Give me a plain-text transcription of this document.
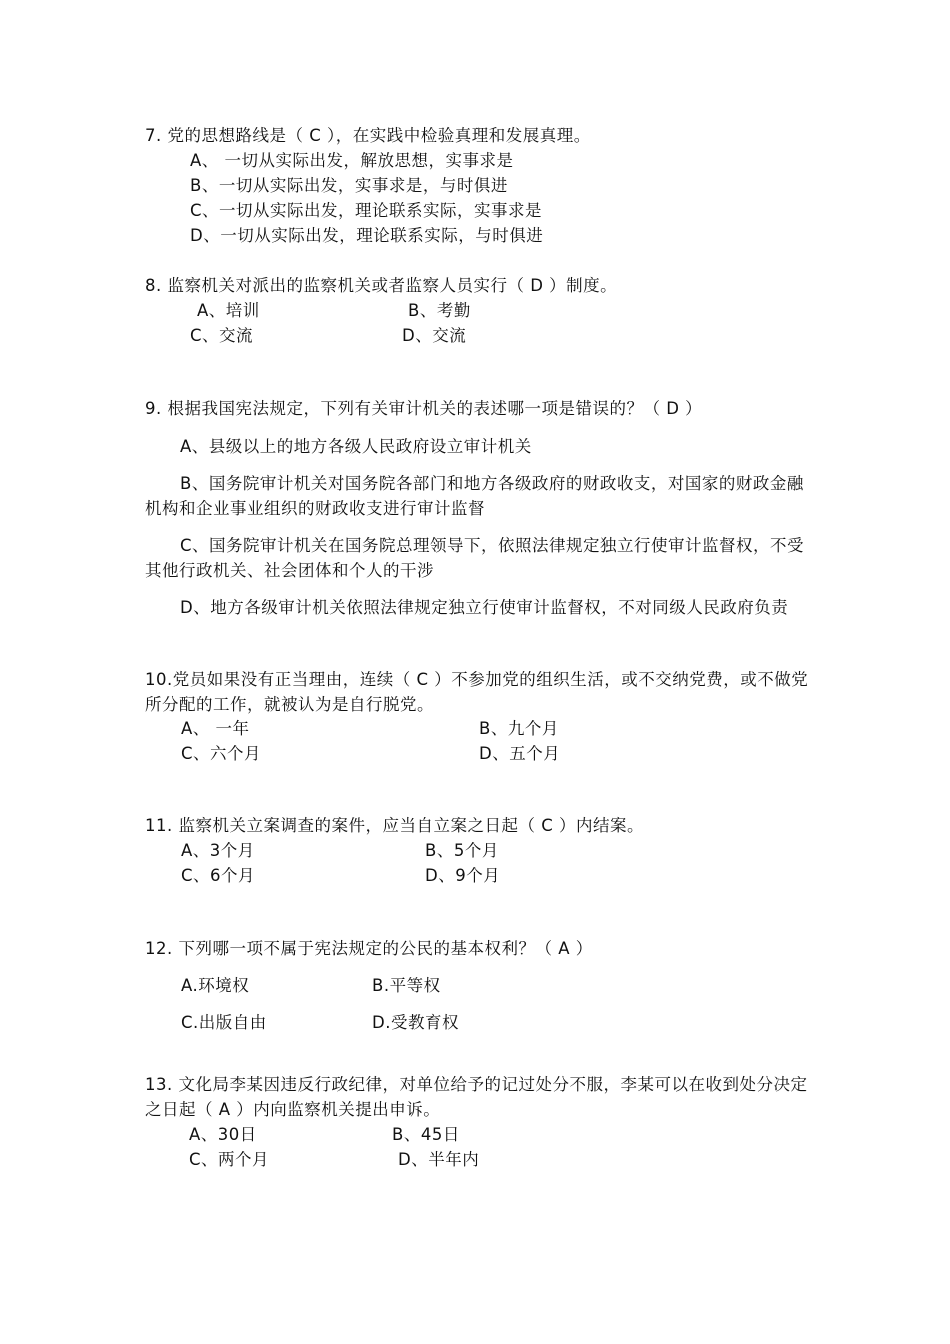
7. 党的思想路线是（ C ），在实践中检验真理和发展真理。
A、 一切从实际出发，解放思想，实事求是
B、一切从实际出发，实事求是，与时俱进
C、一切从实际出发，理论联系实际，实事求是
D、一切从实际出发，理论联系实际，与时俱进
8. 监察机关对派出的监察机关或者监察人员实行（ D ）制度。
A、培训	B、考勤
C、交流	D、交流
9. 根据我国宪法规定，下列有关审计机关的表述哪一项是错误的？（ D ）
A、县级以上的地方各级人民政府设立审计机关
B、国务院审计机关对国务院各部门和地方各级政府的财政收支，对国家的财政金融机构和企业事业组织的财政收支进行审计监督
C、国务院审计机关在国务院总理领导下，依照法律规定独立行使审计监督权，不受其他行政机关、社会团体和个人的干涉
D、地方各级审计机关依照法律规定独立行使审计监督权，不对同级人民政府负责
10.党员如果没有正当理由，连续（ C ）不参加党的组织生活，或不交纳党费，或不做党所分配的工作，就被认为是自行脱党。
A、 一年	B、九个月
C、六个月	D、五个月
11. 监察机关立案调查的案件，应当自立案之日起（ C ）内结案。
A、3个月	B、5个月
C、6个月	D、9个月
12. 下列哪一项不属于宪法规定的公民的基本权利？（ A ）
A.环境权	B.平等权
C.出版自由	D.受教育权
13. 文化局李某因违反行政纪律，对单位给予的记过处分不服，李某可以在收到处分决定之日起（ A ）内向监察机关提出申诉。
A、30日	B、45日
C、两个月	D、半年内
